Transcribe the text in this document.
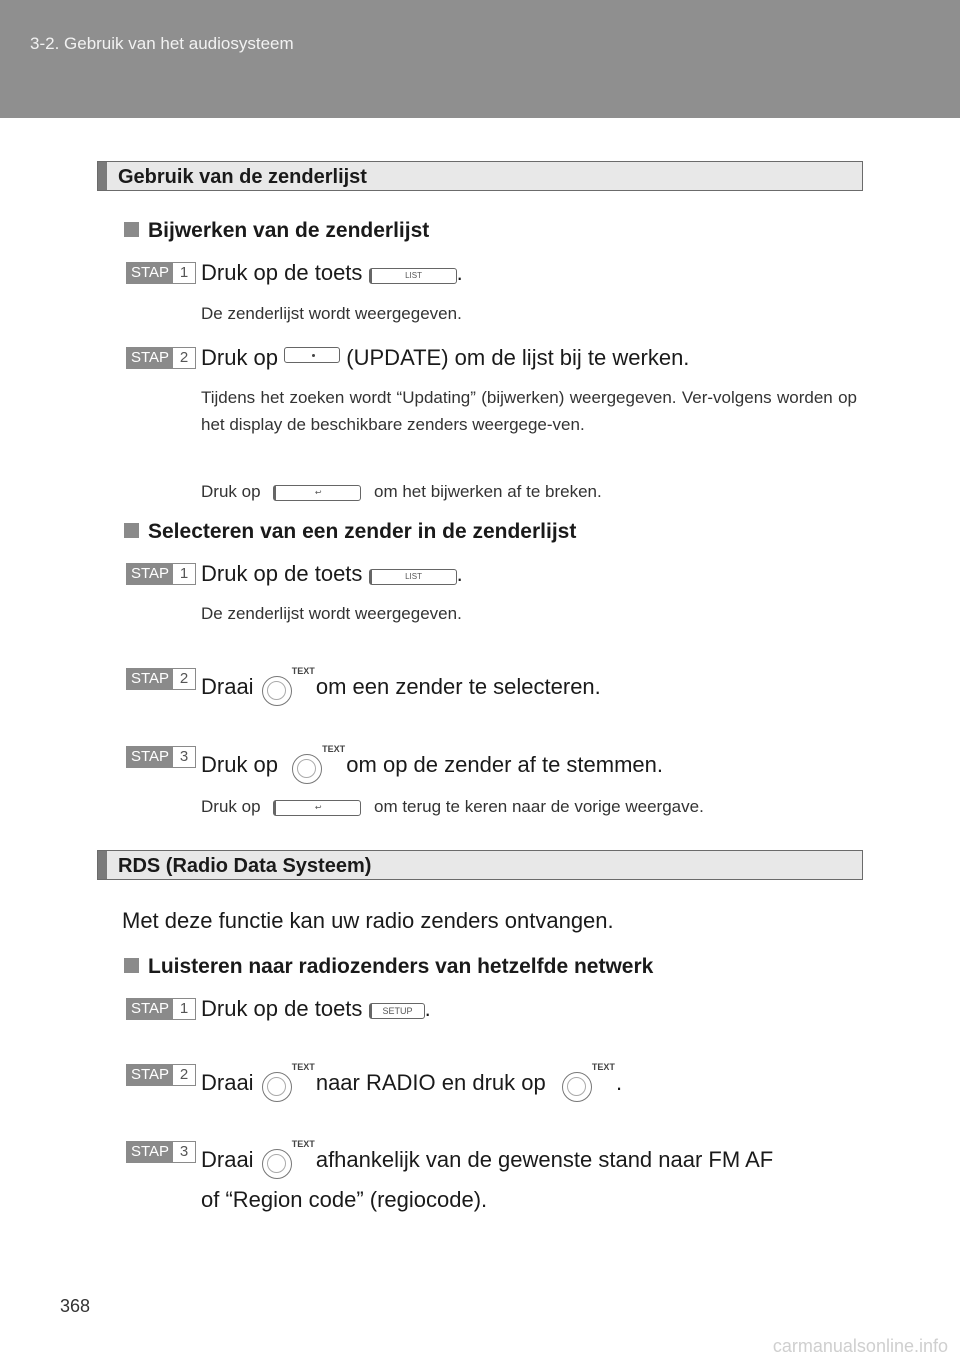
3-2. Gebruik van het audiosysteem
Gebruik van de zenderlijst
Bijwerken van de zenderlijst
STAP 1 Druk op de toets	LIST .
De zenderlijst wordt weergegeven.
STAP 2 Druk op	(UPDATE) om de lijst bij te werken.
Tijdens het zoeken wordt “Updating” (bijwerken) weergegeven. Ver-volgens worden op het display de beschikbare zenders weergege-ven.
Druk op	↩	om het bijwerken af te breken.
Selecteren van een zender in de zenderlijst
STAP 1 Druk op de toets	LIST .
De zenderlijst wordt weergegeven.
STAP 2 Draai
TEXT
om een zender te selecteren.
STAP 3 Druk op
TEXT
om op de zender af te stemmen.
Druk op	↩	om terug te keren naar de vorige weergave.
RDS (Radio Data Systeem)
Met deze functie kan uw radio zenders ontvangen.
Luisteren naar radiozenders van hetzelfde netwerk
STAP 1 Druk op de toets SETUP .
STAP 2 Draai
TEXT
naar RADIO en druk op
TEXT
.
STAP 3 Draai
TEXT
afhankelijk van de gewenste stand naar FM AF
of “Region code” (regiocode).
368
carmanualsonline.info
